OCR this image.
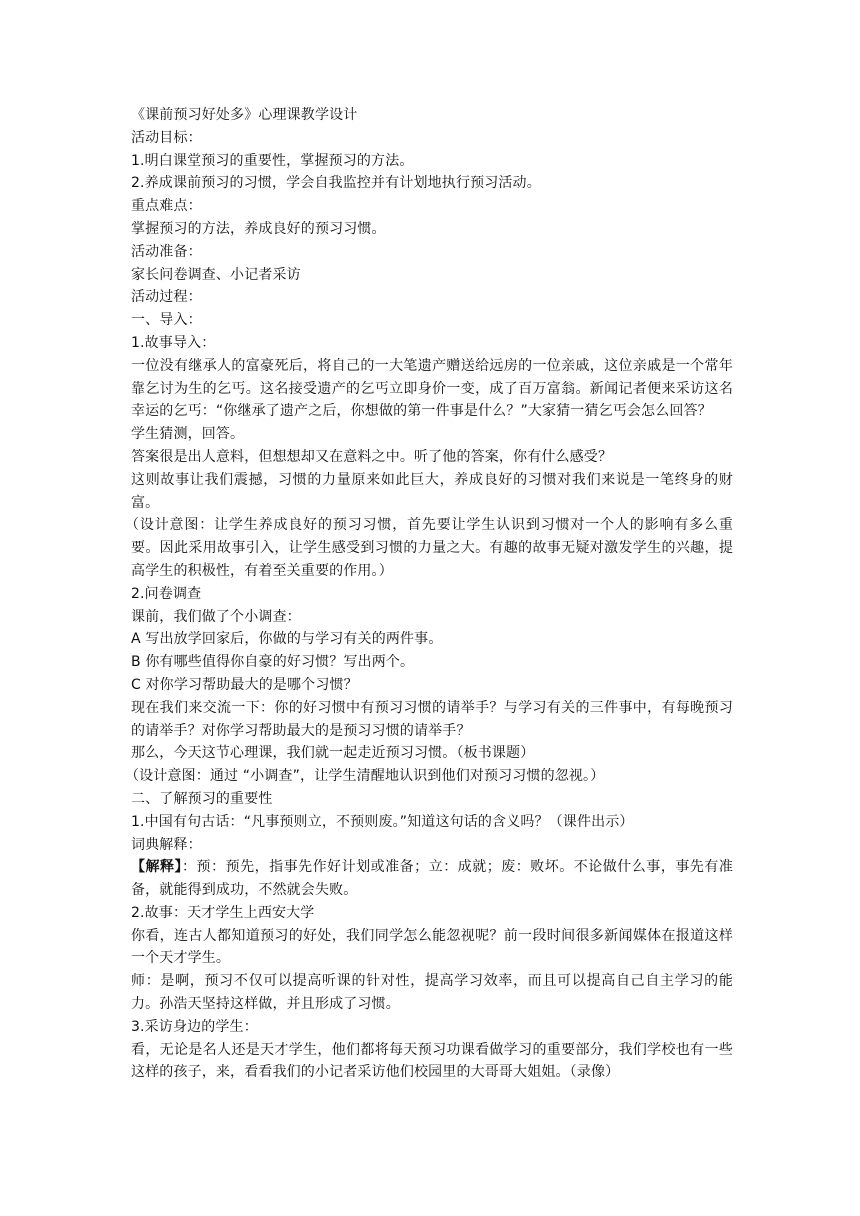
《课前预习好处多》心理课教学设计

活动目标：

1.明白课堂预习的重要性，掌握预习的方法。

2.养成课前预习的习惯，学会自我监控并有计划地执行预习活动。

重点难点：

掌握预习的方法，养成良好的预习习惯。

活动准备：

家长问卷调查、小记者采访

活动过程：

一、导入：

1.故事导入：

一位没有继承人的富豪死后，将自己的一大笔遗产赠送给远房的一位亲戚，这位亲戚是一个常年靠乞讨为生的乞丐。这名接受遗产的乞丐立即身价一变，成了百万富翁。新闻记者便来采访这名幸运的乞丐：“你继承了遗产之后，你想做的第一件事是什么？”大家猜一猜乞丐会怎么回答？

学生猜测，回答。

答案很是出人意料，但想想却又在意料之中。听了他的答案，你有什么感受？

这则故事让我们震撼，习惯的力量原来如此巨大，养成良好的习惯对我们来说是一笔终身的财富。

（设计意图：让学生养成良好的预习习惯，首先要让学生认识到习惯对一个人的影响有多么重要。因此采用故事引入，让学生感受到习惯的力量之大。有趣的故事无疑对激发学生的兴趣，提高学生的积极性，有着至关重要的作用。）

2.问卷调查

课前，我们做了个小调查：

A 写出放学回家后，你做的与学习有关的两件事。

B 你有哪些值得你自豪的好习惯？写出两个。

C 对你学习帮助最大的是哪个习惯？

现在我们来交流一下：你的好习惯中有预习习惯的请举手？与学习有关的三件事中，有每晚预习的请举手？对你学习帮助最大的是预习习惯的请举手？

那么，今天这节心理课，我们就一起走近预习习惯。（板书课题）

（设计意图：通过 “小调查”，让学生清醒地认识到他们对预习习惯的忽视。）

二、了解预习的重要性

1.中国有句古话：“凡事预则立，不预则废。”知道这句话的含义吗？（课件出示）

词典解释：

【解释】：预：预先，指事先作好计划或准备；立：成就；废：败坏。不论做什么事，事先有准备，就能得到成功，不然就会失败。

2.故事：天才学生上西安大学

你看，连古人都知道预习的好处，我们同学怎么能忽视呢？前一段时间很多新闻媒体在报道这样一个天才学生。

师：是啊，预习不仅可以提高听课的针对性，提高学习效率，而且可以提高自己自主学习的能力。孙浩天坚持这样做，并且形成了习惯。

3.采访身边的学生：

看，无论是名人还是天才学生，他们都将每天预习功课看做学习的重要部分，我们学校也有一些这样的孩子，来，看看我们的小记者采访他们校园里的大哥哥大姐姐。（录像）
